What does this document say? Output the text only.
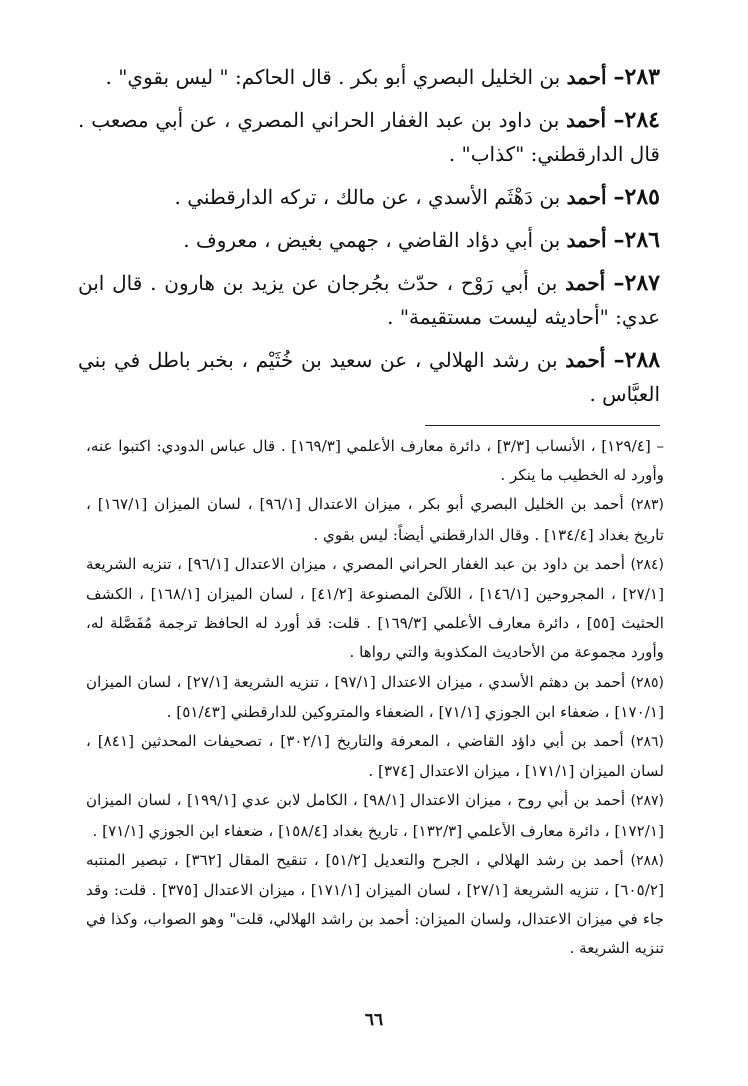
٢٨٣– أحمد بن الخليل البصري أبو بكر . قال الحاكم: " ليس بقوي" .

٢٨٤– أحمد بن داود بن عبد الغفار الحراني المصري ، عن أبي مصعب . قال الدارقطني: "كذاب" .

٢٨٥– أحمد بن دَهْثَم الأسدي ، عن مالك ، تركه الدارقطني .

٢٨٦– أحمد بن أبي دؤاد القاضي ، جهمي بغيض ، معروف .

٢٨٧– أحمد بن أبي رَوْح ، حدّث بجُرجان عن يزيد بن هارون . قال ابن عدي: "أحاديثه ليست مستقيمة" .

٢٨٨– أحمد بن رشد الهلالي ، عن سعيد بن خُثَيْم ، بخبر باطل في بني العبَّاس .

– [١٢٩/٤] ، الأنساب [٣/٣] ، دائرة معارف الأعلمي [١٦٩/٣] . قال عباس الدودي: اكتبوا عنه، وأورد له الخطيب ما ينكر .

(٢٨٣) أحمد بن الخليل البصري أبو بكر ، ميزان الاعتدال [٩٦/١] ، لسان الميزان [١٦٧/١] ، تاريخ بغداد [١٣٤/٤] . وقال الدارقطني أيضاً: ليس بقوي .

(٢٨٤) أحمد بن داود بن عبد الغفار الحراني المصري ، ميزان الاعتدال [٩٦/١] ، تنزيه الشريعة [٢٧/١] ، المجروحين [١٤٦/١] ، اللآلئ المصنوعة [٤١/٢] ، لسان الميزان [١٦٨/١] ، الكشف الحثيث [٥٥] ، دائرة معارف الأعلمي [١٦٩/٣] . قلت: قد أورد له الحافظ ترجمة مُفَصَّلة له، وأورد مجموعة من الأحاديث المكذوبة والتي رواها .

(٢٨٥) أحمد بن دهثم الأسدي ، ميزان الاعتدال [٩٧/١] ، تنزيه الشريعة [٢٧/١] ، لسان الميزان [١٧٠/١] ، ضعفاء ابن الجوزي [٧١/١] ، الضعفاء والمتروكين للدارقطني [٥١/٤٣] .

(٢٨٦) أحمد بن أبي داؤد القاضي ، المعرفة والتاريخ [٣٠٢/١] ، تصحيفات المحدثين [٨٤١] ، لسان الميزان [١٧١/١] ، ميزان الاعتدال [٣٧٤] .

(٢٨٧) أحمد بن أبي روح ، ميزان الاعتدال [٩٨/١] ، الكامل لابن عدي [١٩٩/١] ، لسان الميزان [١٧٢/١] ، دائرة معارف الأعلمي [١٣٢/٣] ، تاريخ بغداد [١٥٨/٤] ، ضعفاء ابن الجوزي [٧١/١] .

(٢٨٨) أحمد بن رشد الهلالي ، الجرح والتعديل [٥١/٢] ، تنقيح المقال [٣٦٢] ، تبصير المنتبه [٦٠٥/٢] ، تنزيه الشريعة [٢٧/١] ، لسان الميزان [١٧١/١] ، ميزان الاعتدال [٣٧٥] . قلت: وقد جاء في ميزان الاعتدال، ولسان الميزان: أحمد بن راشد الهلالي، قلت" وهو الصواب، وكذا في تنزيه الشريعة .

٦٦
